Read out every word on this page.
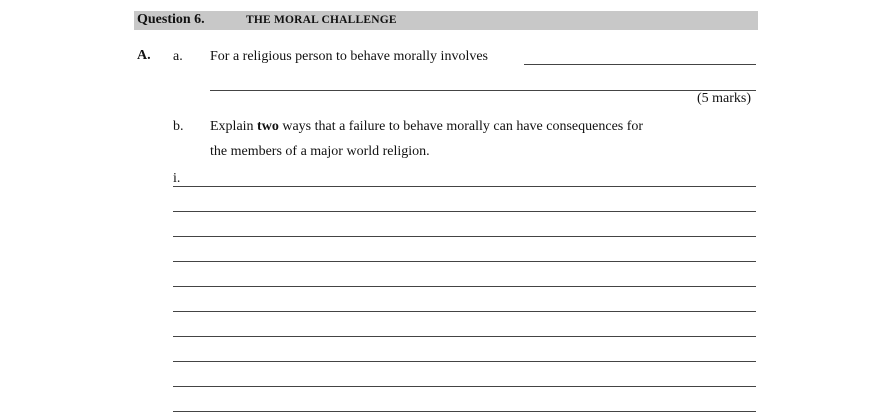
Question 6.	THE MORAL CHALLENGE
A. a. For a religious person to behave morally involves
(5 marks)
b. Explain two ways that a failure to behave morally can have consequences for
the members of a major world religion.
i.
